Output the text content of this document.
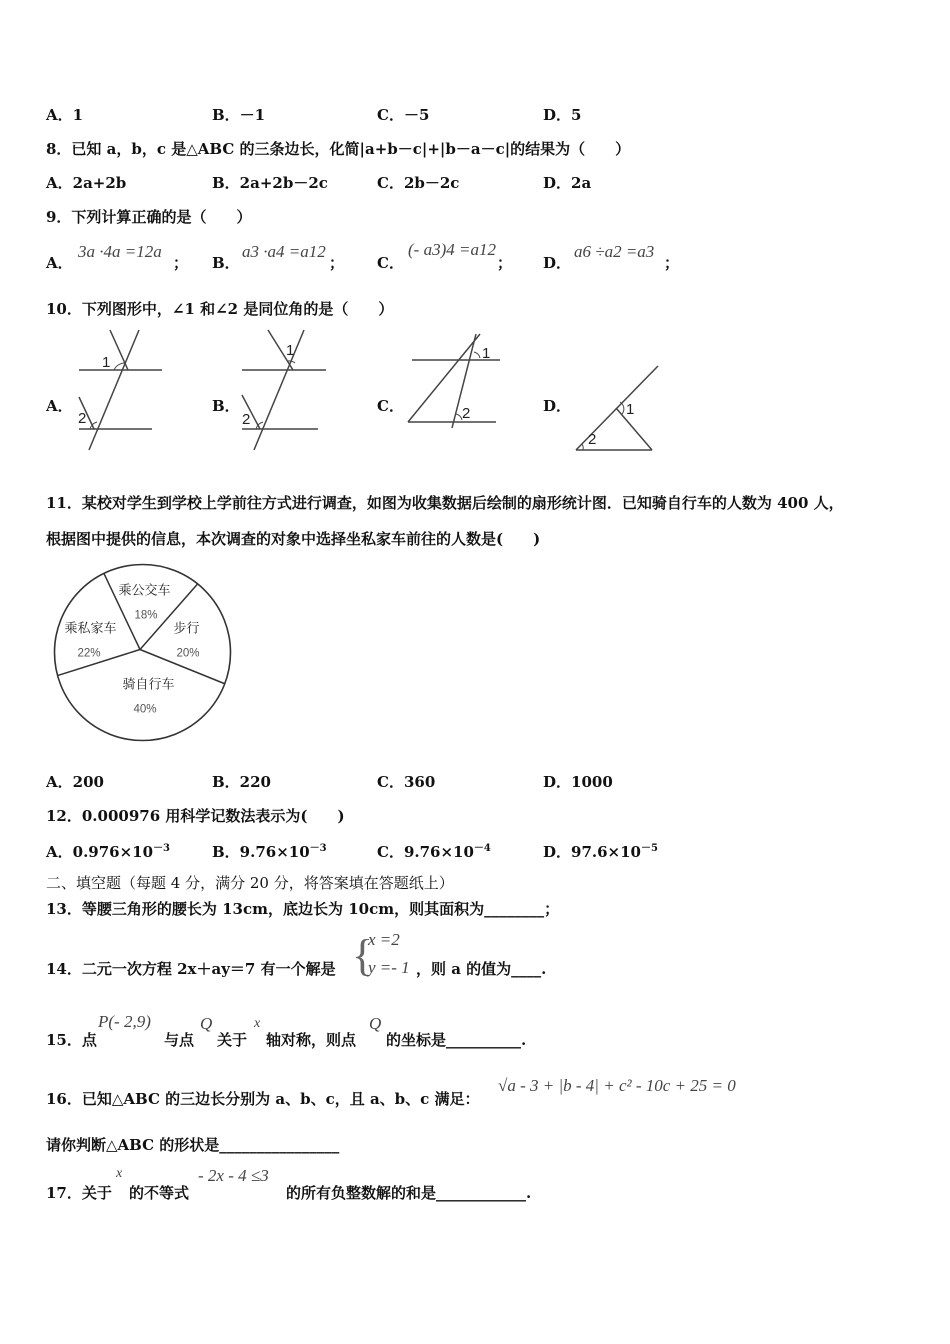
A．1	B．－1	C．－5	D．5
8．已知 a，b，c 是△ABC 的三条边长，化简|a+b－c|+|b－a－c|的结果为（　　）
A．2a+2b	B．2a+2b－2c	C．2b－2c	D．2a
9．下列计算正确的是（　　）
A．
3a ·4a =12a
； B．
a3 ·a4 =a12
； C．
(- a3)4 =a12
； D．
a6 ÷a2 =a3
；
10．下列图形中，∠1 和∠2 是同位角的是（　　）
A．
1
2
B．
1
2
C．
1
2	D．	1
2
11．某校对学生到学校上学前往方式进行调查，如图为收集数据后绘制的扇形统计图．已知骑自行车的人数为 400 人，
根据图中提供的信息，本次调查的对象中选择坐私家车前往的人数是(　　)
乘公交车
18%
步行
20%
骑自行车
40%
乘私家车
22%
A．200	B．220	C．360	D．1000
12．0.000976 用科学记数法表示为(　　)
A．$0.976\times 10^{-3}$	B．$9.76\times 10^{-3}$	C．$9.76\times 10^{-4}$	D．$97.6\times 10^{-5}$
二、填空题（每题 4 分，满分 20 分，将答案填在答题纸上）
13．等腰三角形的腰长为 13cm，底边长为 10cm，则其面积为________；
14．二元一次方程 2x＋ay＝7 有一个解是 {
x =2
y =- 1 ，则 a 的值为____.
15．点
P(- 2,9)
与点
Q
关于
x
轴对称，则点
Q
的坐标是__________.
16．已知△ABC 的三边长分别为 a、b、c，且 a、b、c 满足：
√a - 3 + |b - 4| + c² - 10c + 25 = 0
请你判断△ABC 的形状是________________
17．关于
x
的不等式
- 2x - 4 ≤3
的所有负整数解的和是____________.
